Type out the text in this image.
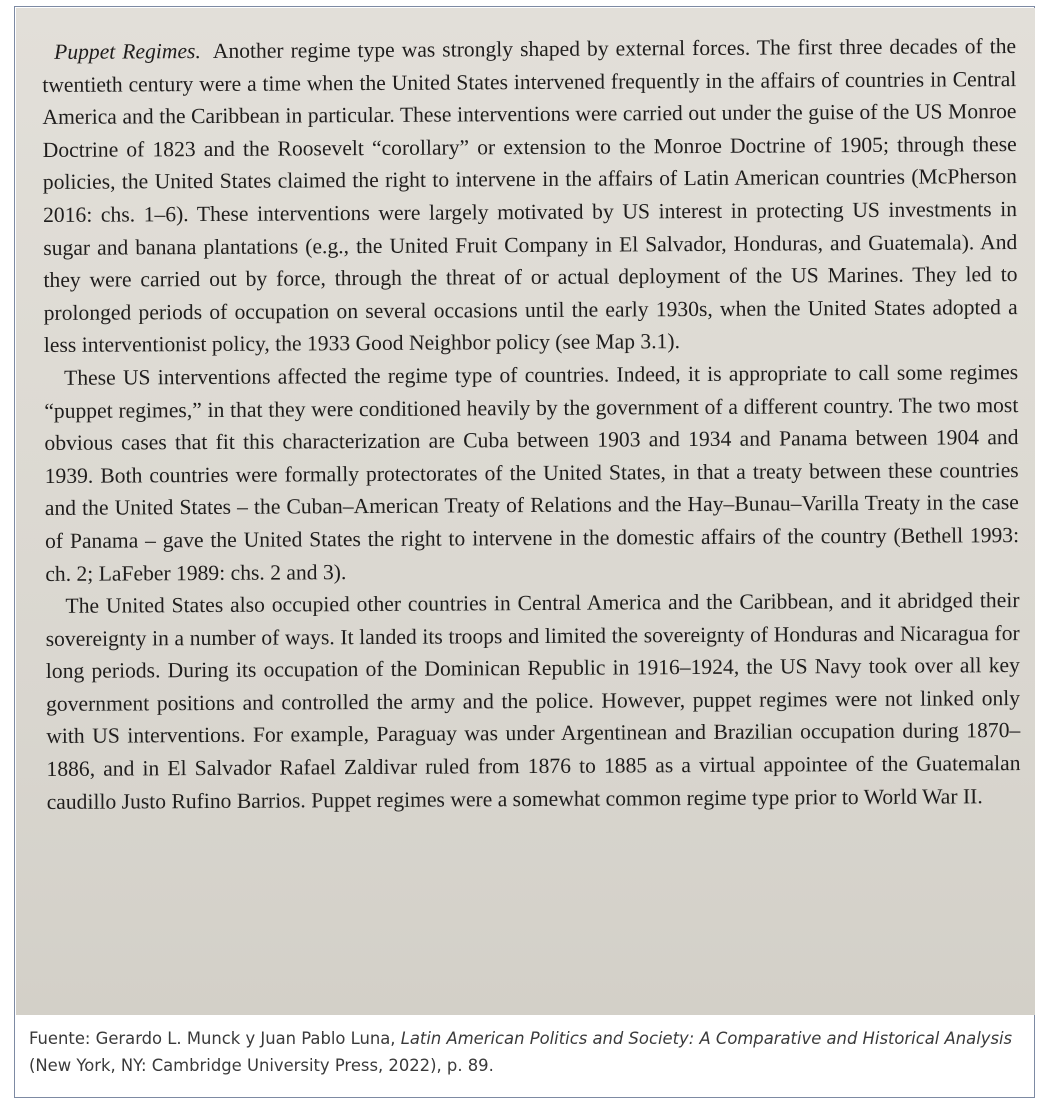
Puppet Regimes. Another regime type was strongly shaped by external forces. The first three decades of the twentieth century were a time when the United States intervened frequently in the affairs of countries in Central America and the Caribbean in particular. These interventions were carried out under the guise of the US Monroe Doctrine of 1823 and the Roosevelt “corollary” or extension to the Monroe Doctrine of 1905; through these policies, the United States claimed the right to intervene in the affairs of Latin American countries (McPherson 2016: chs. 1–6). These interventions were largely motivated by US interest in protecting US investments in sugar and banana plantations (e.g., the United Fruit Company in El Salvador, Honduras, and Guatemala). And they were carried out by force, through the threat of or actual deployment of the US Marines. They led to prolonged periods of occupation on several occasions until the early 1930s, when the United States adopted a less interventionist policy, the 1933 Good Neighbor policy (see Map 3.1).

These US interventions affected the regime type of countries. Indeed, it is appropriate to call some regimes “puppet regimes,” in that they were conditioned heavily by the government of a different country. The two most obvious cases that fit this characterization are Cuba between 1903 and 1934 and Panama between 1904 and 1939. Both countries were formally protectorates of the United States, in that a treaty between these countries and the United States – the Cuban–American Treaty of Relations and the Hay–Bunau–Varilla Treaty in the case of Panama – gave the United States the right to intervene in the domestic affairs of the country (Bethell 1993: ch. 2; LaFeber 1989: chs. 2 and 3).

The United States also occupied other countries in Central America and the Caribbean, and it abridged their sovereignty in a number of ways. It landed its troops and limited the sovereignty of Honduras and Nicaragua for long periods. During its occupation of the Dominican Republic in 1916–1924, the US Navy took over all key government positions and controlled the army and the police. However, puppet regimes were not linked only with US interventions. For example, Paraguay was under Argentinean and Brazilian occupation during 1870–1886, and in El Salvador Rafael Zaldivar ruled from 1876 to 1885 as a virtual appointee of the Guatemalan caudillo Justo Rufino Barrios. Puppet regimes were a somewhat common regime type prior to World War II.

Fuente: Gerardo L. Munck y Juan Pablo Luna, Latin American Politics and Society: A Comparative and Historical Analysis (New York, NY: Cambridge University Press, 2022), p. 89.
